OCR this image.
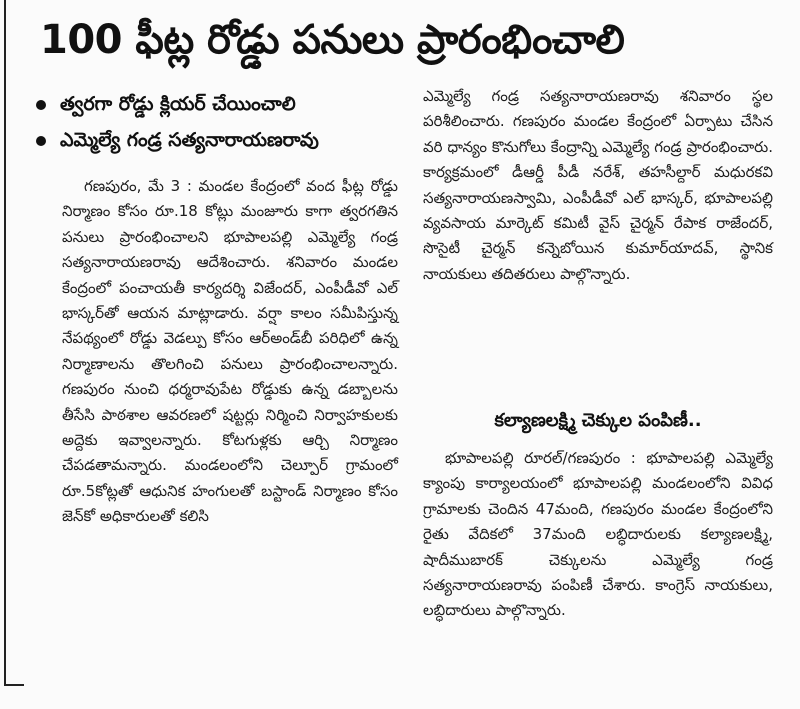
100 ఫీట్ల రోడ్డు పనులు ప్రారంభించాలి
త్వరగా రోడ్డు క్లియర్ చేయించాలి
ఎమ్మెల్యే గండ్ర సత్యనారాయణరావు

గణపురం, మే 3 : మండల కేంద్రంలో వంద ఫీట్ల రోడ్డు నిర్మాణం కోసం రూ.18 కోట్లు మంజూరు కాగా త్వరగతిన పనులు ప్రారంభించాలని భూపాలపల్లి ఎమ్మెల్యే గండ్ర సత్యనారాయణరావు ఆదేశించారు. శనివారం మండల కేంద్రంలో పంచాయతీ కార్యదర్శి విజేందర్, ఎంపీడీవో ఎల్ భాస్కర్‌తో ఆయన మాట్లాడారు. వర్షా కాలం సమీపిస్తున్న నేపథ్యంలో రోడ్డు వెడల్పు కోసం ఆర్అండ్‌బీ పరిధిలో ఉన్న నిర్మాణాలను తొలగించి పనులు ప్రారంభించాలన్నారు. గణపురం నుంచి ధర్మరావుపేట రోడ్డుకు ఉన్న డబ్బాలను తీసేసి పాఠశాల ఆవరణలో షట్టర్లు నిర్మించి నిర్వాహకులకు అద్దెకు ఇవ్వాలన్నారు. కోటగుళ్లకు ఆర్చి నిర్మాణం చేపడతామన్నారు. మండలంలోని చెల్పూర్ గ్రామంలో రూ.5కోట్లతో ఆధునిక హంగులతో బస్టాండ్ నిర్మాణం కోసం జెన్‌కో అధికారులతో కలిసి

ఎమ్మెల్యే గండ్ర సత్యనారాయణరావు శనివారం స్థల పరిశీలించారు. గణపురం మండల కేంద్రంలో ఏర్పాటు చేసిన వరి ధాన్యం కొనుగోలు కేంద్రాన్ని ఎమ్మెల్యే గండ్ర ప్రారంభించారు. కార్యక్రమంలో డీఆర్డీ పీడీ నరేశ్, తహసీల్దార్ మధురకవి సత్యనారాయణస్వామి, ఎంపీడీవో ఎల్ భాస్కర్, భూపాలపల్లి వ్యవసాయ మార్కెట్ కమిటీ వైస్ చైర్మన్ రేపాక రాజేందర్, సొసైటీ చైర్మన్ కన్నెబోయిన కుమార్‌యాదవ్, స్థానిక నాయకులు తదితరులు పాల్గొన్నారు.

కల్యాణలక్ష్మి చెక్కుల పంపిణీ..

భూపాలపల్లి రూరల్/గణపురం : భూపాలపల్లి ఎమ్మెల్యే క్యాంపు కార్యాలయంలో భూపాలపల్లి మండలంలోని వివిధ గ్రామాలకు చెందిన 47మంది, గణపురం మండల కేంద్రంలోని రైతు వేదికలో 37మంది లబ్ధిదారులకు కల్యాణలక్ష్మి, షాదీముబారక్ చెక్కులను ఎమ్మెల్యే గండ్ర సత్యనారాయణరావు పంపిణీ చేశారు. కాంగ్రెస్ నాయకులు, లబ్ధిదారులు పాల్గొన్నారు.
